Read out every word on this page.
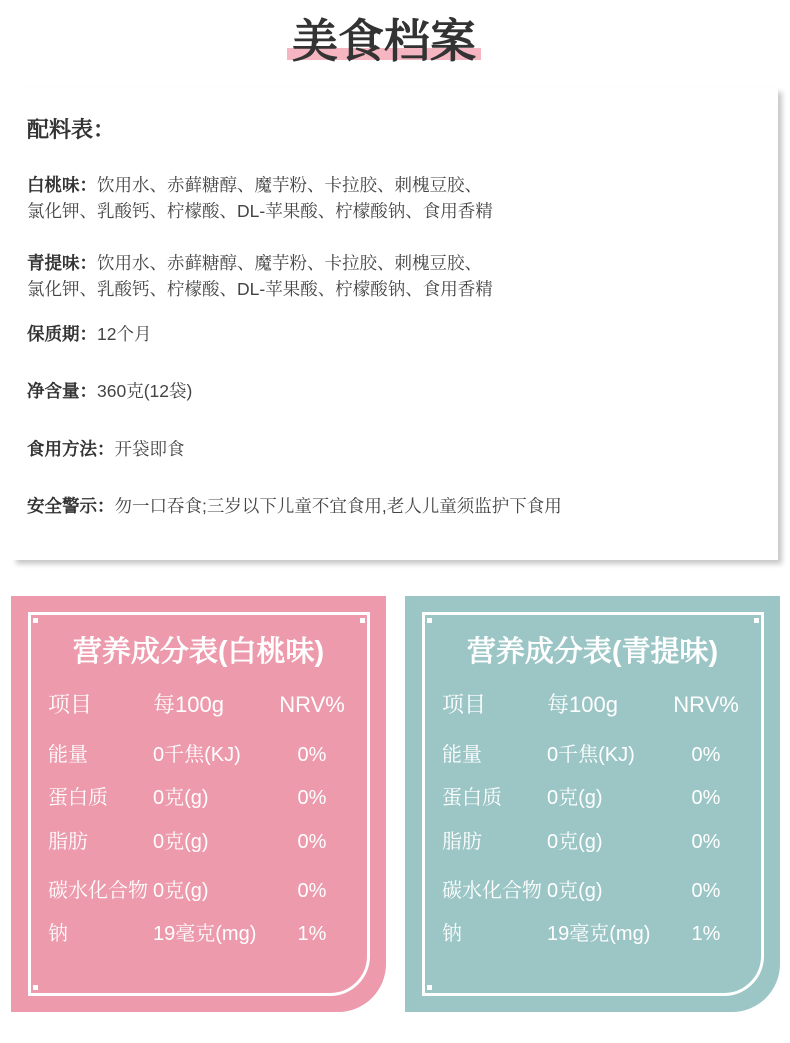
美食档案
配料表：
白桃味：饮用水、赤藓糖醇、魔芋粉、卡拉胶、刺槐豆胶、
氯化钾、乳酸钙、柠檬酸、DL-苹果酸、柠檬酸钠、食用香精
青提味：饮用水、赤藓糖醇、魔芋粉、卡拉胶、刺槐豆胶、
氯化钾、乳酸钙、柠檬酸、DL-苹果酸、柠檬酸钠、食用香精
保质期：12个月
净含量：360克(12袋)
食用方法：开袋即食
安全警示：勿一口吞食;三岁以下儿童不宜食用,老人儿童须监护下食用
营养成分表(白桃味)
项目	每100g	NRV%
能量	0千焦(KJ)	0%
蛋白质 0克(g)	0%
脂肪	0克(g)	0%
碳水化合物 0克(g)	0%
钠	19毫克(mg)	1%
营养成分表(青提味)
项目	每100g	NRV%
能量	0千焦(KJ)	0%
蛋白质 0克(g)	0%
脂肪	0克(g)	0%
碳水化合物 0克(g)	0%
钠	19毫克(mg)	1%
